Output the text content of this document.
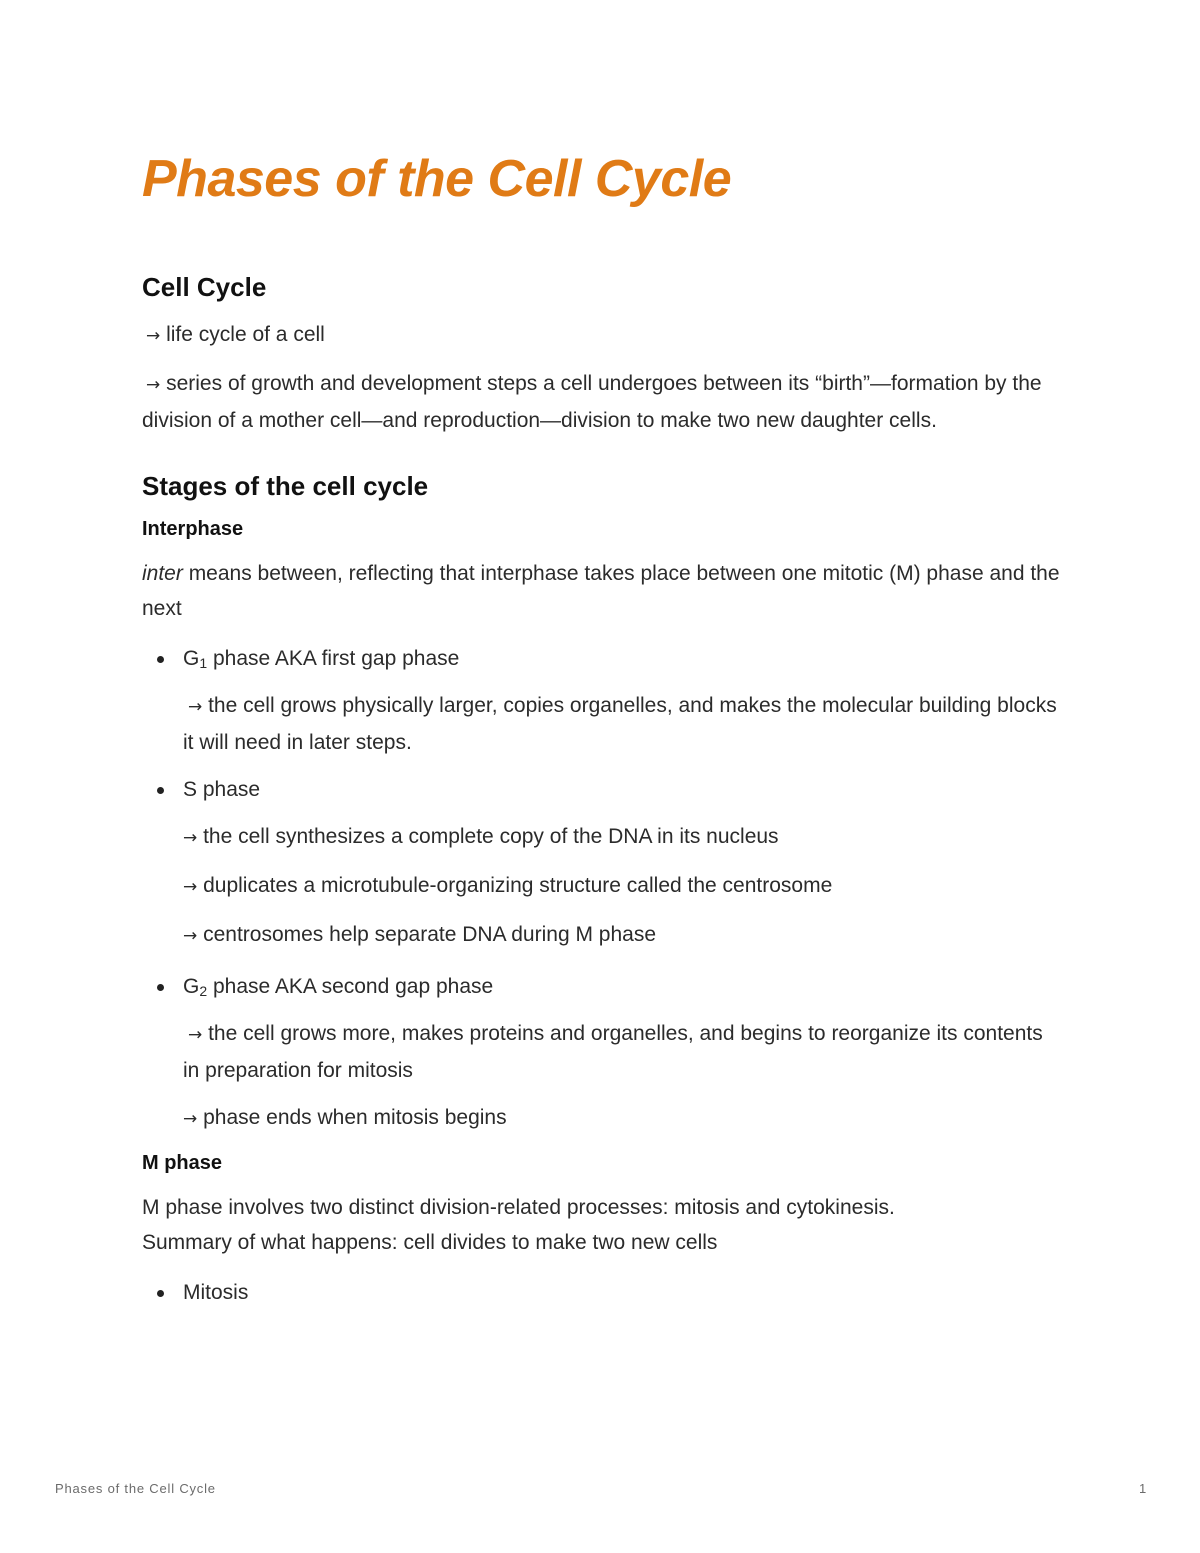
Phases of the Cell Cycle
Cell Cycle

→ life cycle of a cell

→ series of growth and development steps a cell undergoes between its “birth”—formation by the division of a mother cell—and reproduction—division to make two new daughter cells.

Stages of the cell cycle
Interphase

inter means between, reflecting that interphase takes place between one mitotic (M) phase and the next

$G_1$ phase AKA first gap phase

→ the cell grows physically larger, copies organelles, and makes the molecular building blocks it will need in later steps.

S phase

→ the cell synthesizes a complete copy of the DNA in its nucleus

→ duplicates a microtubule-organizing structure called the centrosome

→ centrosomes help separate DNA during M phase

$G_2$ phase AKA second gap phase

→ the cell grows more, makes proteins and organelles, and begins to reorganize its contents in preparation for mitosis

→ phase ends when mitosis begins

M phase

M phase involves two distinct division-related processes: mitosis and cytokinesis.

Summary of what happens: cell divides to make two new cells

Mitosis
Phases of the Cell Cycle	1
